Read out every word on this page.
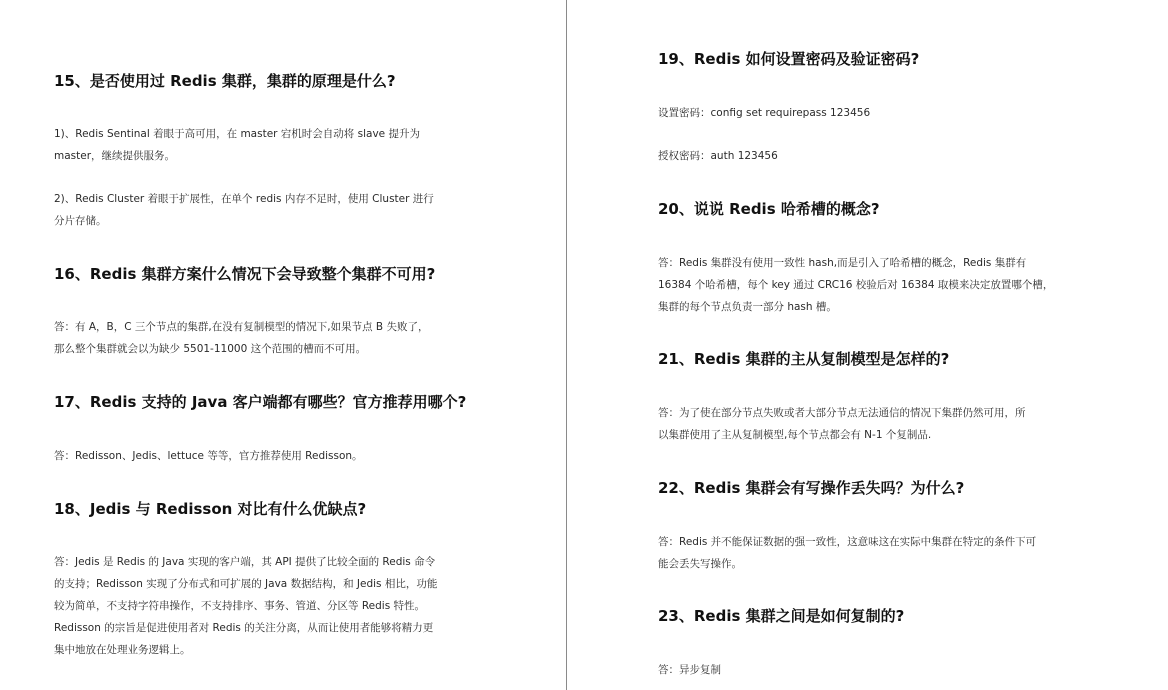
15、是否使用过 Redis 集群，集群的原理是什么?

1)、Redis Sentinal 着眼于高可用，在 master 宕机时会自动将 slave 提升为
master，继续提供服务。

2)、Redis Cluster 着眼于扩展性，在单个 redis 内存不足时，使用 Cluster 进行
分片存储。

16、Redis 集群方案什么情况下会导致整个集群不可用?

答：有 A，B，C 三个节点的集群,在没有复制模型的情况下,如果节点 B 失败了，
那么整个集群就会以为缺少 5501-11000 这个范围的槽而不可用。

17、Redis 支持的 Java 客户端都有哪些？官方推荐用哪个?

答：Redisson、Jedis、lettuce 等等，官方推荐使用 Redisson。

18、Jedis 与 Redisson 对比有什么优缺点?

答：Jedis 是 Redis 的 Java 实现的客户端，其 API 提供了比较全面的 Redis 命令
的支持；Redisson 实现了分布式和可扩展的 Java 数据结构，和 Jedis 相比，功能
较为简单，不支持字符串操作，不支持排序、事务、管道、分区等 Redis 特性。
Redisson 的宗旨是促进使用者对 Redis 的关注分离，从而让使用者能够将精力更
集中地放在处理业务逻辑上。

19、Redis 如何设置密码及验证密码?

设置密码：config set requirepass 123456

授权密码：auth 123456

20、说说 Redis 哈希槽的概念?

答：Redis 集群没有使用一致性 hash,而是引入了哈希槽的概念，Redis 集群有
16384 个哈希槽，每个 key 通过 CRC16 校验后对 16384 取模来决定放置哪个槽，
集群的每个节点负责一部分 hash 槽。

21、Redis 集群的主从复制模型是怎样的?

答：为了使在部分节点失败或者大部分节点无法通信的情况下集群仍然可用，所
以集群使用了主从复制模型,每个节点都会有 N-1 个复制品.

22、Redis 集群会有写操作丢失吗？为什么?

答：Redis 并不能保证数据的强一致性，这意味这在实际中集群在特定的条件下可
能会丢失写操作。

23、Redis 集群之间是如何复制的?

答：异步复制
